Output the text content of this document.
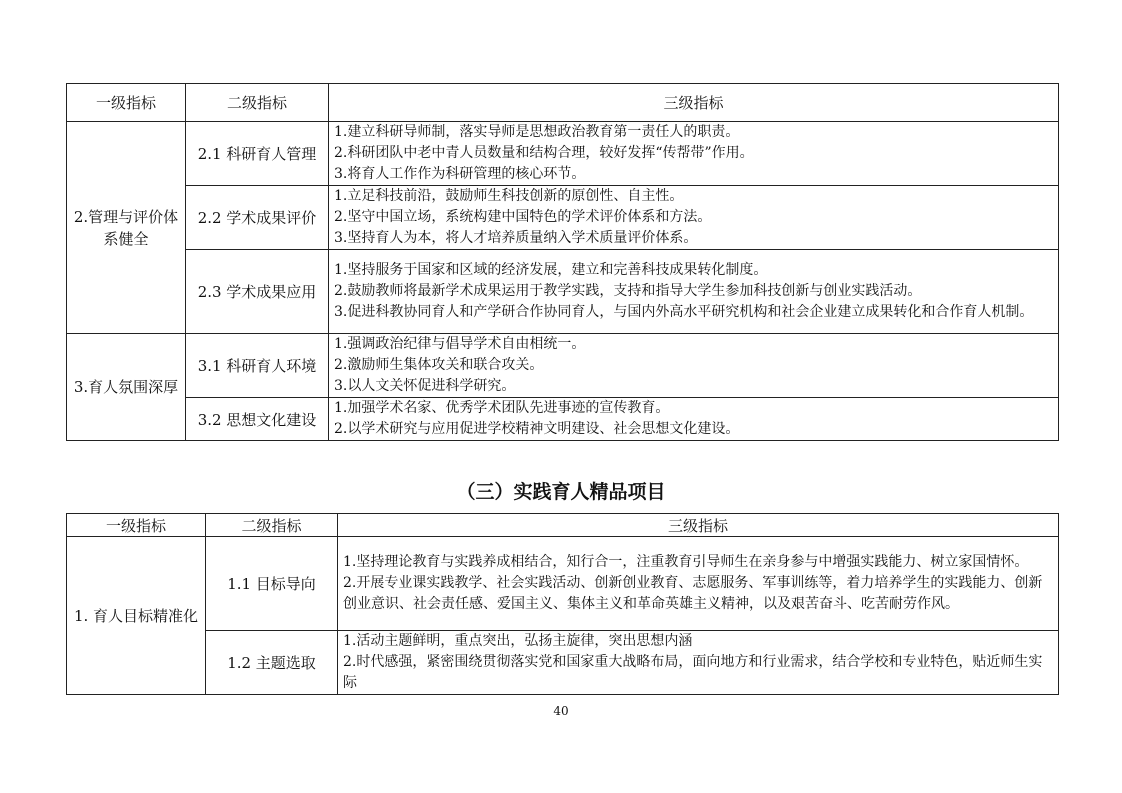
一级指标	二级指标	三级指标
2.管理与评价体系健全	2.1 科研育人管理	1.建立科研导师制，落实导师是思想政治教育第一责任人的职责。
2.科研团队中老中青人员数量和结构合理，较好发挥“传帮带”作用。
3.将育人工作作为科研管理的核心环节。

	2.2 学术成果评价	1.立足科技前沿，鼓励师生科技创新的原创性、自主性。
2.坚守中国立场，系统构建中国特色的学术评价体系和方法。
3.坚持育人为本，将人才培养质量纳入学术质量评价体系。

	2.3 学术成果应用	1.坚持服务于国家和区域的经济发展，建立和完善科技成果转化制度。
2.鼓励教师将最新学术成果运用于教学实践，支持和指导大学生参加科技创新与创业实践活动。
3.促进科教协同育人和产学研合作协同育人，与国内外高水平研究机构和社会企业建立成果转化和合作育人机制。

3.育人氛围深厚	3.1 科研育人环境	1.强调政治纪律与倡导学术自由相统一。
2.激励师生集体攻关和联合攻关。
3.以人文关怀促进科学研究。

	3.2 思想文化建设	1.加强学术名家、优秀学术团队先进事迹的宣传教育。
2.以学术研究与应用促进学校精神文明建设、社会思想文化建设。
（三）实践育人精品项目
一级指标	二级指标	三级指标
1. 育人目标精准化	1.1 目标导向	1.坚持理论教育与实践养成相结合，知行合一，注重教育引导师生在亲身参与中增强实践能力、树立家国情怀。
2.开展专业课实践教学、社会实践活动、创新创业教育、志愿服务、军事训练等，着力培养学生的实践能力、创新创业意识、社会责任感、爱国主义、集体主义和革命英雄主义精神，以及艰苦奋斗、吃苦耐劳作风。

	1.2 主题选取	1.活动主题鲜明，重点突出，弘扬主旋律，突出思想内涵
2.时代感强，紧密围绕贯彻落实党和国家重大战略布局，面向地方和行业需求，结合学校和专业特色，贴近师生实际
40
